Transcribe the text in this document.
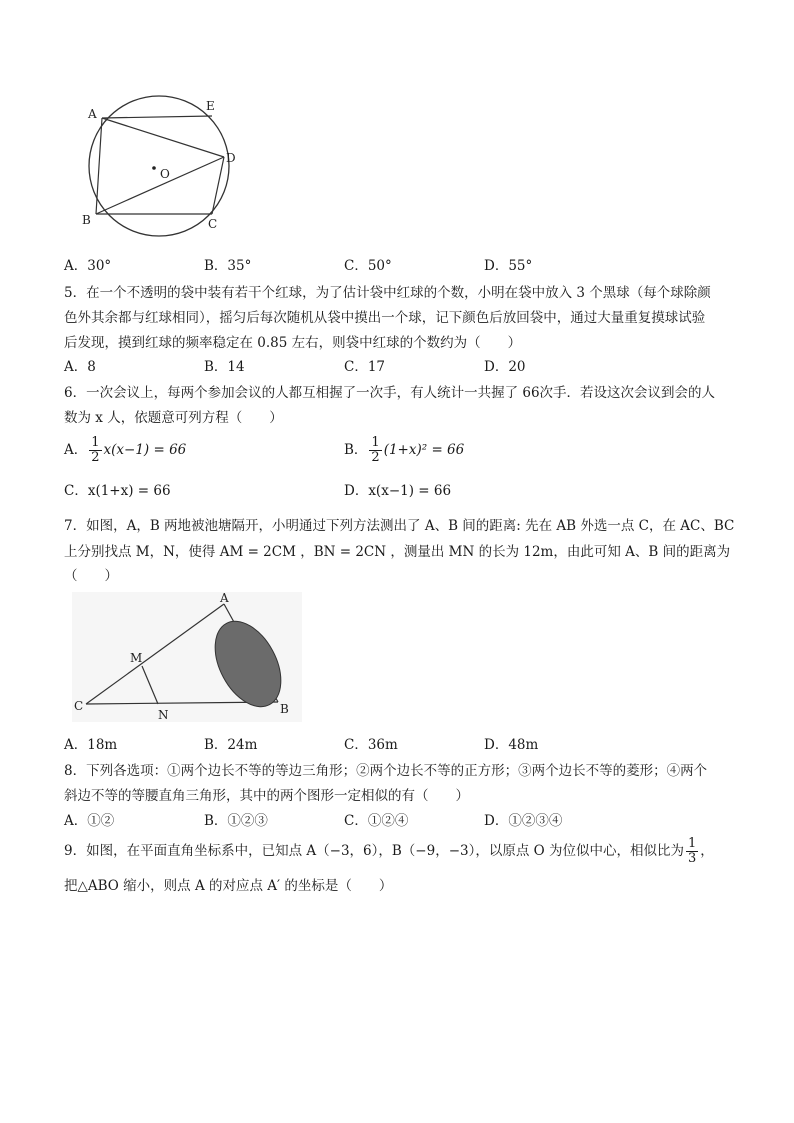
A
E
D
O
B	C
A．30°	B．35°	C．50°	D．55°
5．在一个不透明的袋中装有若干个红球，为了估计袋中红球的个数，小明在袋中放入 3 个黑球（每个球除颜
色外其余都与红球相同），摇匀后每次随机从袋中摸出一个球，记下颜色后放回袋中，通过大量重复摸球试验
后发现，摸到红球的频率稳定在 0.85 左右，则袋中红球的个数约为（　　）
A．8	B．14	C．17	D．20
6．一次会议上，每两个参加会议的人都互相握了一次手，有人统计一共握了 66次手．若设这次会议到会的人
数为 x 人，依题意可列方程（　　）
A． $\frac{1}{2} x(x-1) = 66$	B． $\frac{1}{2} (1+x)^2 = 66$
C．x(1+x) = 66	D．x(x−1) = 66
7．如图，A，B 两地被池塘隔开，小明通过下列方法测出了 A、B 间的距离: 先在 AB 外选一点 C，在 AC、BC
上分别找点 M，N，使得 AM = 2CM ，BN = 2CN ，测量出 MN 的长为 12m，由此可知 A、B 间的距离为
（　　）
A
M
C
N	B
A．18m	B．24m	C．36m	D．48m
8．下列各选项：①两个边长不等的等边三角形；②两个边长不等的正方形；③两个边长不等的菱形；④两个
斜边不等的等腰直角三角形，其中的两个图形一定相似的有（　　）
A．①②	B．①②③	C．①②④	D．①②③④
9．如图，在平面直角坐标系中，已知点 A（−3，6），B（−9，−3），以原点 O 为位似中心，相似比为 $\frac{1}{3}$ ，
把△ABO 缩小，则点 A 的对应点 A′ 的坐标是（　　）
